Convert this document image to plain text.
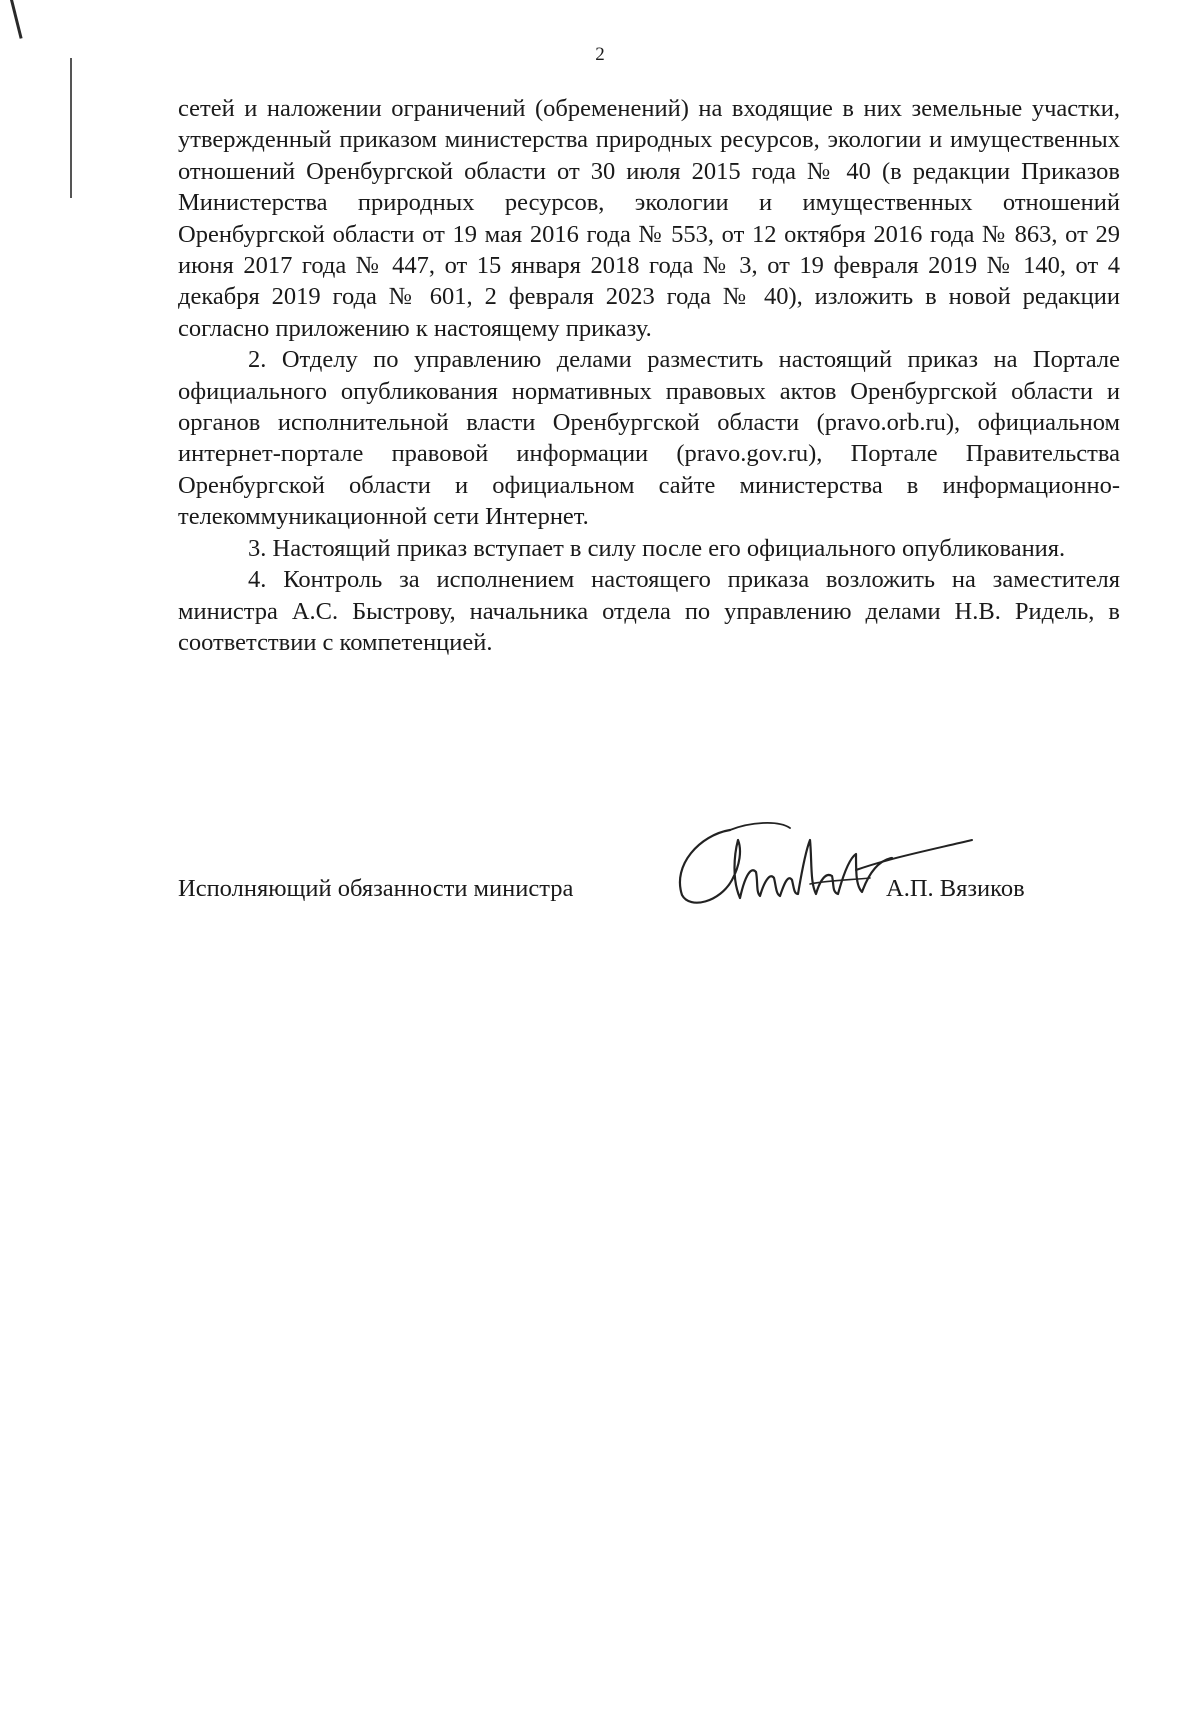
2

сетей и наложении ограничений (обременений) на входящие в них земельные участки, утвержденный приказом министерства природных ресурсов, экологии и имущественных отношений Оренбургской области от 30 июля 2015 года № 40 (в редакции Приказов Министерства природных ресурсов, экологии и имущественных отношений Оренбургской области от 19 мая 2016 года № 553, от 12 октября 2016 года № 863, от 29 июня 2017 года № 447, от 15 января 2018 года № 3, от 19 февраля 2019 № 140, от 4 декабря 2019 года № 601, 2 февраля 2023 года № 40), изложить в новой редакции согласно приложению к настоящему приказу.

2. Отделу по управлению делами разместить настоящий приказ на Портале официального опубликования нормативных правовых актов Оренбургской области и органов исполнительной власти Оренбургской области (pravo.orb.ru), официальном интернет-портале правовой информации (pravo.gov.ru), Портале Правительства Оренбургской области и официальном сайте министерства в информационно-телекоммуникационной сети Интернет.

3. Настоящий приказ вступает в силу после его официального опубликования.

4. Контроль за исполнением настоящего приказа возложить на заместителя министра А.С. Быстрову, начальника отдела по управлению делами Н.В. Ридель, в соответствии с компетенцией.

Исполняющий обязанности министра	А.П. Вязиков
